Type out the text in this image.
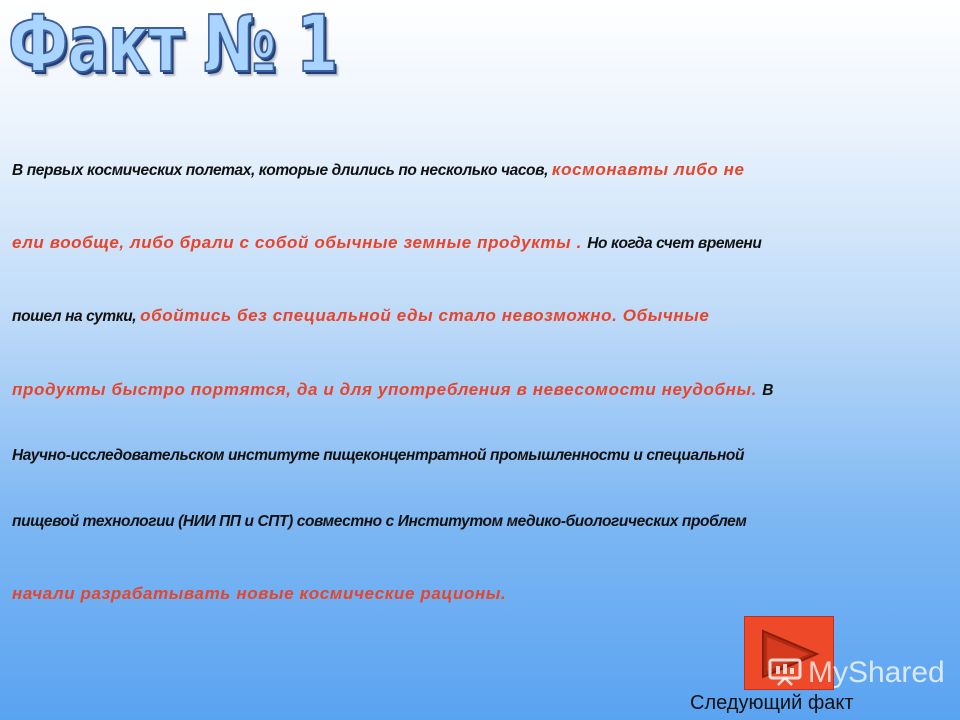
Факт № 1
В первых космических полетах, которые длились по несколько часов, космонавты либо не
ели вообще, либо брали с собой обычные земные продукты . Но когда счет времени
пошел на сутки, обойтись без специальной еды стало невозможно. Обычные
продукты быстро портятся, да и для употребления в невесомости неудобны. В
Научно-исследовательском институте пищеконцентратной промышленности и специальной
пищевой технологии (НИИ ПП и СПТ) совместно с Институтом медико-биологических проблем
начали разрабатывать новые космические рационы.
MyShared
Следующий факт
